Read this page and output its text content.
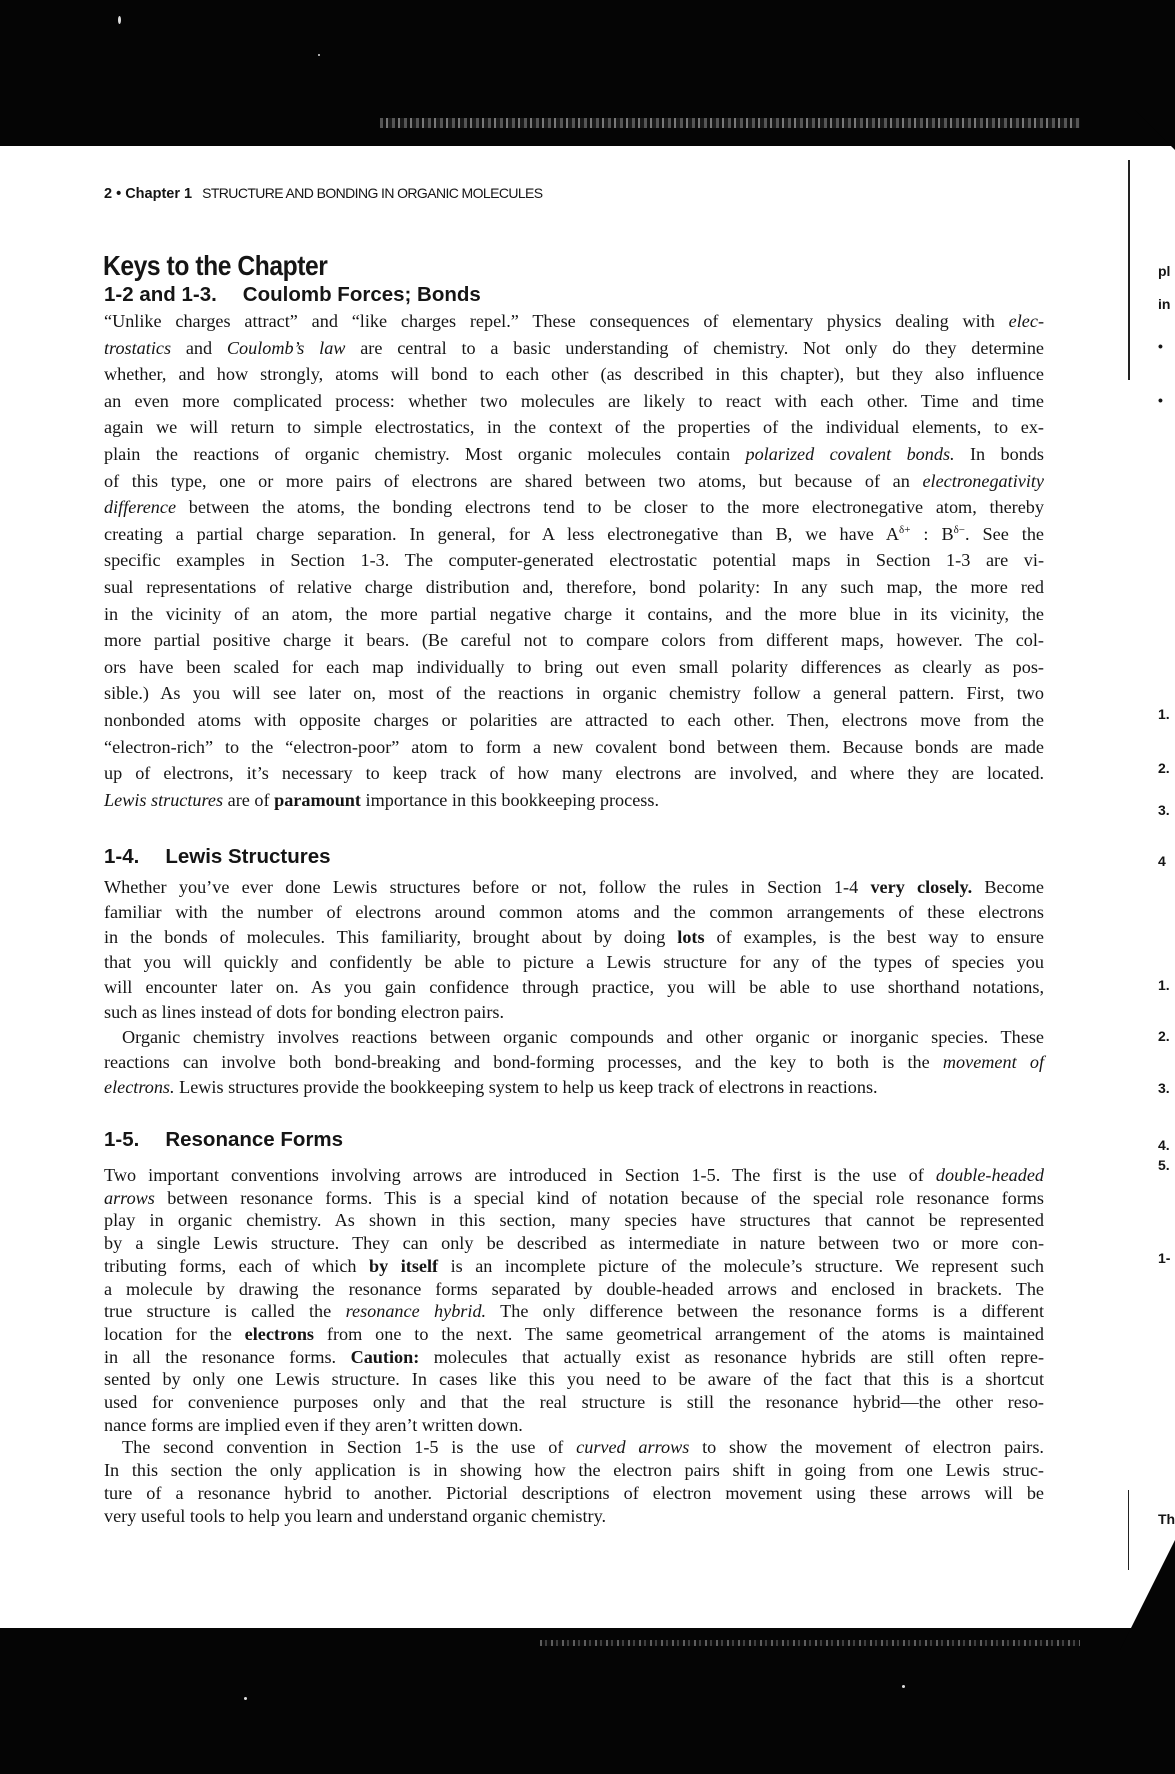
2 • Chapter 1 STRUCTURE AND BONDING IN ORGANIC MOLECULES
Keys to the Chapter
1-2 and 1-3. Coulomb Forces; Bonds
“Unlike charges attract” and “like charges repel.” These consequences of elementary physics dealing with elec-
trostatics and Coulomb’s law are central to a basic understanding of chemistry. Not only do they determine
whether, and how strongly, atoms will bond to each other (as described in this chapter), but they also influence
an even more complicated process: whether two molecules are likely to react with each other. Time and time
again we will return to simple electrostatics, in the context of the properties of the individual elements, to ex-
plain the reactions of organic chemistry. Most organic molecules contain polarized covalent bonds. In bonds
of this type, one or more pairs of electrons are shared between two atoms, but because of an electronegativity
difference between the atoms, the bonding electrons tend to be closer to the more electronegative atom, thereby
creating a partial charge separation. In general, for A less electronegative than B, we have $A^{\delta+}$ : $B^{\delta-}$. See the
specific examples in Section 1-3. The computer-generated electrostatic potential maps in Section 1-3 are vi-
sual representations of relative charge distribution and, therefore, bond polarity: In any such map, the more red
in the vicinity of an atom, the more partial negative charge it contains, and the more blue in its vicinity, the
more partial positive charge it bears. (Be careful not to compare colors from different maps, however. The col-
ors have been scaled for each map individually to bring out even small polarity differences as clearly as pos-
sible.) As you will see later on, most of the reactions in organic chemistry follow a general pattern. First, two
nonbonded atoms with opposite charges or polarities are attracted to each other. Then, electrons move from the
“electron-rich” to the “electron-poor” atom to form a new covalent bond between them. Because bonds are made
up of electrons, it’s necessary to keep track of how many electrons are involved, and where they are located.
Lewis structures are of paramount importance in this bookkeeping process.
1-4. Lewis Structures
Whether you’ve ever done Lewis structures before or not, follow the rules in Section 1-4 very closely. Become
familiar with the number of electrons around common atoms and the common arrangements of these electrons
in the bonds of molecules. This familiarity, brought about by doing lots of examples, is the best way to ensure
that you will quickly and confidently be able to picture a Lewis structure for any of the types of species you
will encounter later on. As you gain confidence through practice, you will be able to use shorthand notations,
such as lines instead of dots for bonding electron pairs.
Organic chemistry involves reactions between organic compounds and other organic or inorganic species. These
reactions can involve both bond-breaking and bond-forming processes, and the key to both is the movement of
electrons. Lewis structures provide the bookkeeping system to help us keep track of electrons in reactions.
1-5. Resonance Forms
Two important conventions involving arrows are introduced in Section 1-5. The first is the use of double-headed
arrows between resonance forms. This is a special kind of notation because of the special role resonance forms
play in organic chemistry. As shown in this section, many species have structures that cannot be represented
by a single Lewis structure. They can only be described as intermediate in nature between two or more con-
tributing forms, each of which by itself is an incomplete picture of the molecule’s structure. We represent such
a molecule by drawing the resonance forms separated by double-headed arrows and enclosed in brackets. The
true structure is called the resonance hybrid. The only difference between the resonance forms is a different
location for the electrons from one to the next. The same geometrical arrangement of the atoms is maintained
in all the resonance forms. Caution: molecules that actually exist as resonance hybrids are still often repre-
sented by only one Lewis structure. In cases like this you need to be aware of the fact that this is a shortcut
used for convenience purposes only and that the real structure is still the resonance hybrid—the other reso-
nance forms are implied even if they aren’t written down.
The second convention in Section 1-5 is the use of curved arrows to show the movement of electron pairs.
In this section the only application is in showing how the electron pairs shift in going from one Lewis struc-
ture of a resonance hybrid to another. Pictorial descriptions of electron movement using these arrows will be
very useful tools to help you learn and understand organic chemistry.
pl
in
•
•
1.
2.
3.
4
1.
2.
3.
4.
5.
1-
Th
